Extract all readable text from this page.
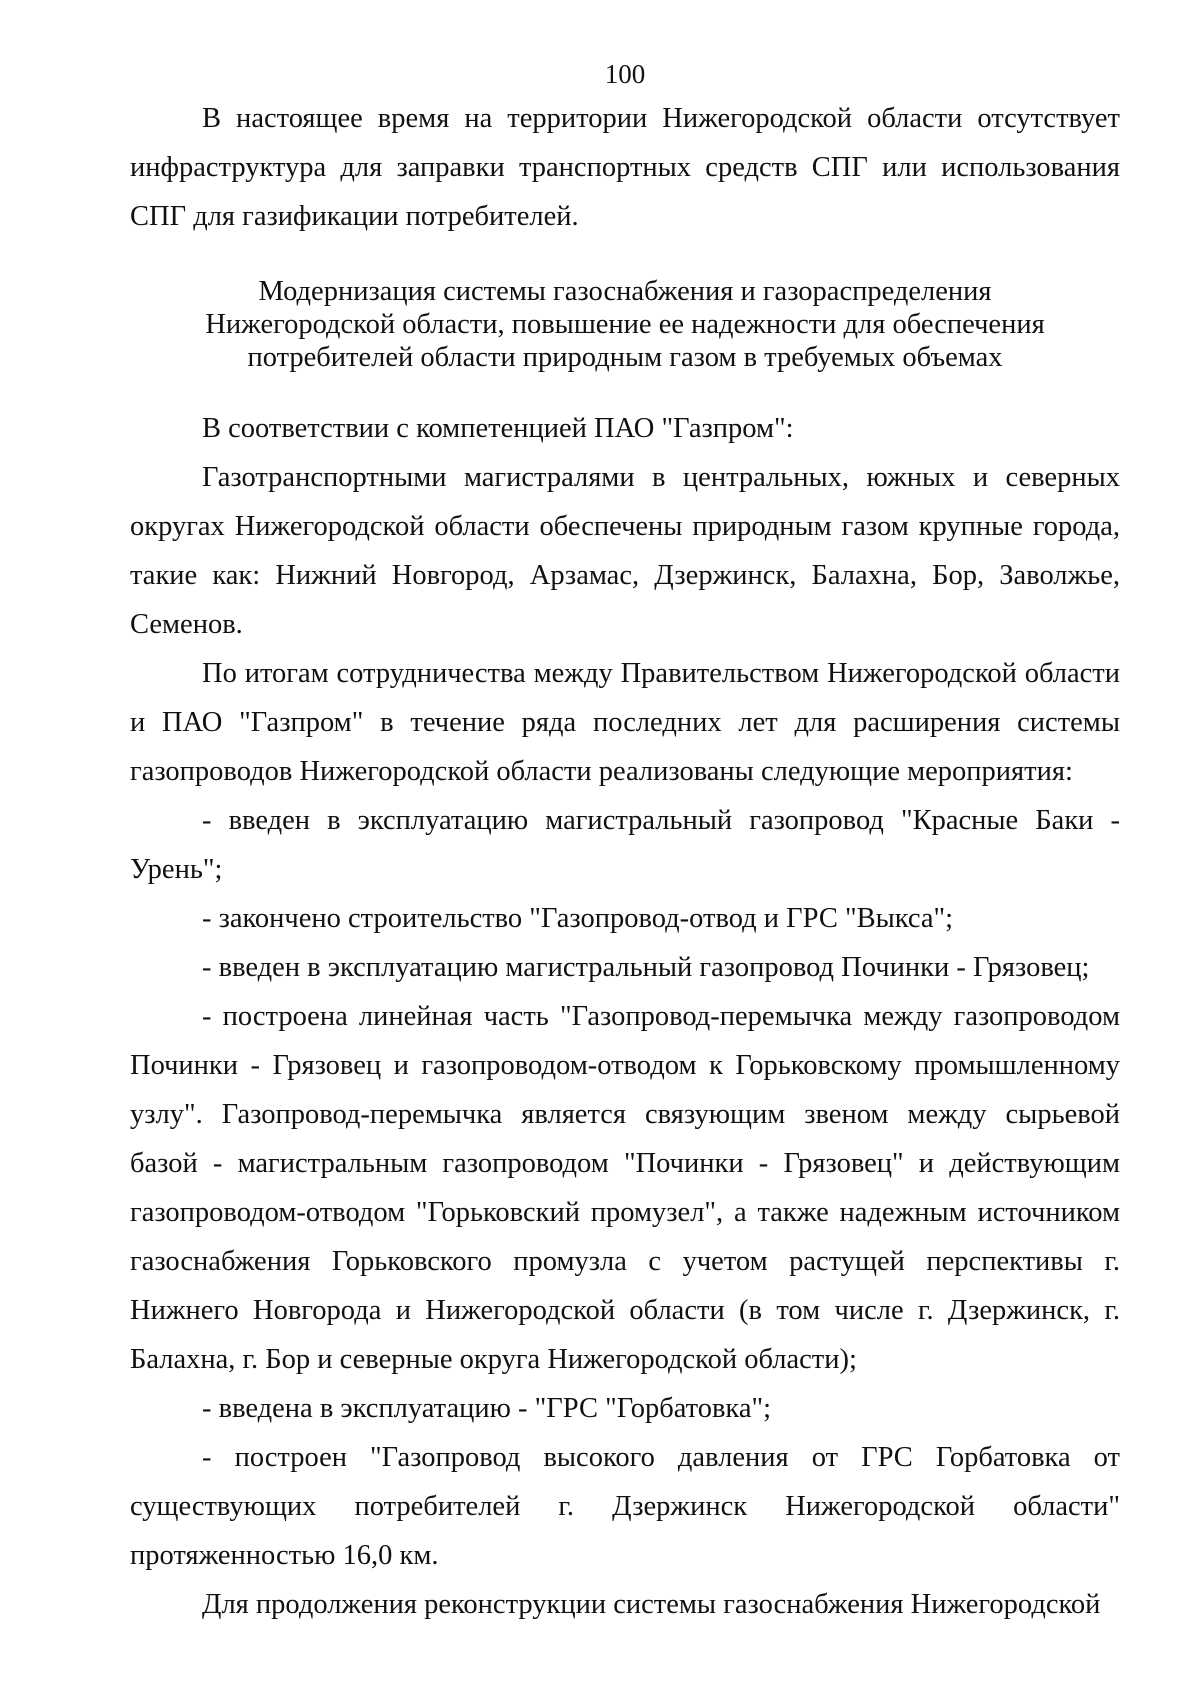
100

В настоящее время на территории Нижегородской области отсутствует инфраструктура для заправки транспортных средств СПГ или использования СПГ для газификации потребителей.

Модернизация системы газоснабжения и газораспределения
Нижегородской области, повышение ее надежности для обеспечения
потребителей области природным газом в требуемых объемах

В соответствии с компетенцией ПАО "Газпром":

Газотранспортными магистралями в центральных, южных и северных округах Нижегородской области обеспечены природным газом крупные города, такие как: Нижний Новгород, Арзамас, Дзержинск, Балахна, Бор, Заволжье, Семенов.

По итогам сотрудничества между Правительством Нижегородской области и ПАО "Газпром" в течение ряда последних лет для расширения системы газопроводов Нижегородской области реализованы следующие мероприятия:

- введен в эксплуатацию магистральный газопровод "Красные Баки - Урень";

- закончено строительство "Газопровод-отвод и ГРС "Выкса";

- введен в эксплуатацию магистральный газопровод Починки - Грязовец;

- построена линейная часть "Газопровод-перемычка между газопроводом Починки - Грязовец и газопроводом-отводом к Горьковскому промышленному узлу". Газопровод-перемычка является связующим звеном между сырьевой базой - магистральным газопроводом "Починки - Грязовец" и действующим газопроводом-отводом "Горьковский промузел", а также надежным источником газоснабжения Горьковского промузла с учетом растущей перспективы г. Нижнего Новгорода и Нижегородской области (в том числе г. Дзержинск, г. Балахна, г. Бор и северные округа Нижегородской области);

- введена в эксплуатацию - "ГРС "Горбатовка";

- построен "Газопровод высокого давления от ГРС Горбатовка от существующих потребителей г. Дзержинск Нижегородской области" протяженностью 16,0 км.

Для продолжения реконструкции системы газоснабжения Нижегородской
